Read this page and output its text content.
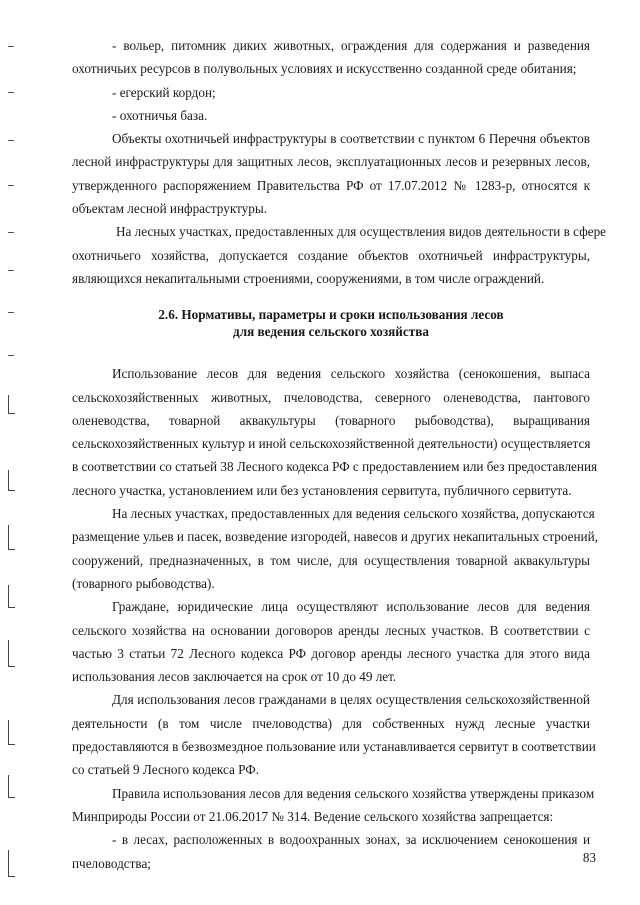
- вольер, питомник диких животных, ограждения для содержания и разведения
охотничьих ресурсов в полувольных условиях и искусственно созданной среде обитания;
- егерский кордон;
- охотничья база.
Объекты охотничьей инфраструктуры в соответствии с пунктом 6 Перечня объектов
лесной инфраструктуры для защитных лесов, эксплуатационных лесов и резервных лесов,
утвержденного распоряжением Правительства РФ от 17.07.2012 № 1283-р, относятся к
объектам лесной инфраструктуры.
На лесных участках, предоставленных для осуществления видов деятельности в сфере
охотничьего хозяйства, допускается создание объектов охотничьей инфраструктуры,
являющихся некапитальными строениями, сооружениями, в том числе ограждений.
2.6. Нормативы, параметры и сроки использования лесов
для ведения сельского хозяйства
Использование лесов для ведения сельского хозяйства (сенокошения, выпаса
сельскохозяйственных животных, пчеловодства, северного оленеводства, пантового
оленеводства, товарной аквакультуры (товарного рыбоводства), выращивания
сельскохозяйственных культур и иной сельскохозяйственной деятельности) осуществляется
в соответствии со статьей 38 Лесного кодекса РФ с предоставлением или без предоставления
лесного участка, установлением или без установления сервитута, публичного сервитута.
На лесных участках, предоставленных для ведения сельского хозяйства, допускаются
размещение ульев и пасек, возведение изгородей, навесов и других некапитальных строений,
сооружений, предназначенных, в том числе, для осуществления товарной аквакультуры
(товарного рыбоводства).
Граждане, юридические лица осуществляют использование лесов для ведения
сельского хозяйства на основании договоров аренды лесных участков. В соответствии с
частью 3 статьи 72 Лесного кодекса РФ договор аренды лесного участка для этого вида
использования лесов заключается на срок от 10 до 49 лет.
Для использования лесов гражданами в целях осуществления сельскохозяйственной
деятельности (в том числе пчеловодства) для собственных нужд лесные участки
предоставляются в безвозмездное пользование или устанавливается сервитут в соответствии
со статьей 9 Лесного кодекса РФ.
Правила использования лесов для ведения сельского хозяйства утверждены приказом
Минприроды России от 21.06.2017 № 314. Ведение сельского хозяйства запрещается:
- в лесах, расположенных в водоохранных зонах, за исключением сенокошения и
пчеловодства;	83
